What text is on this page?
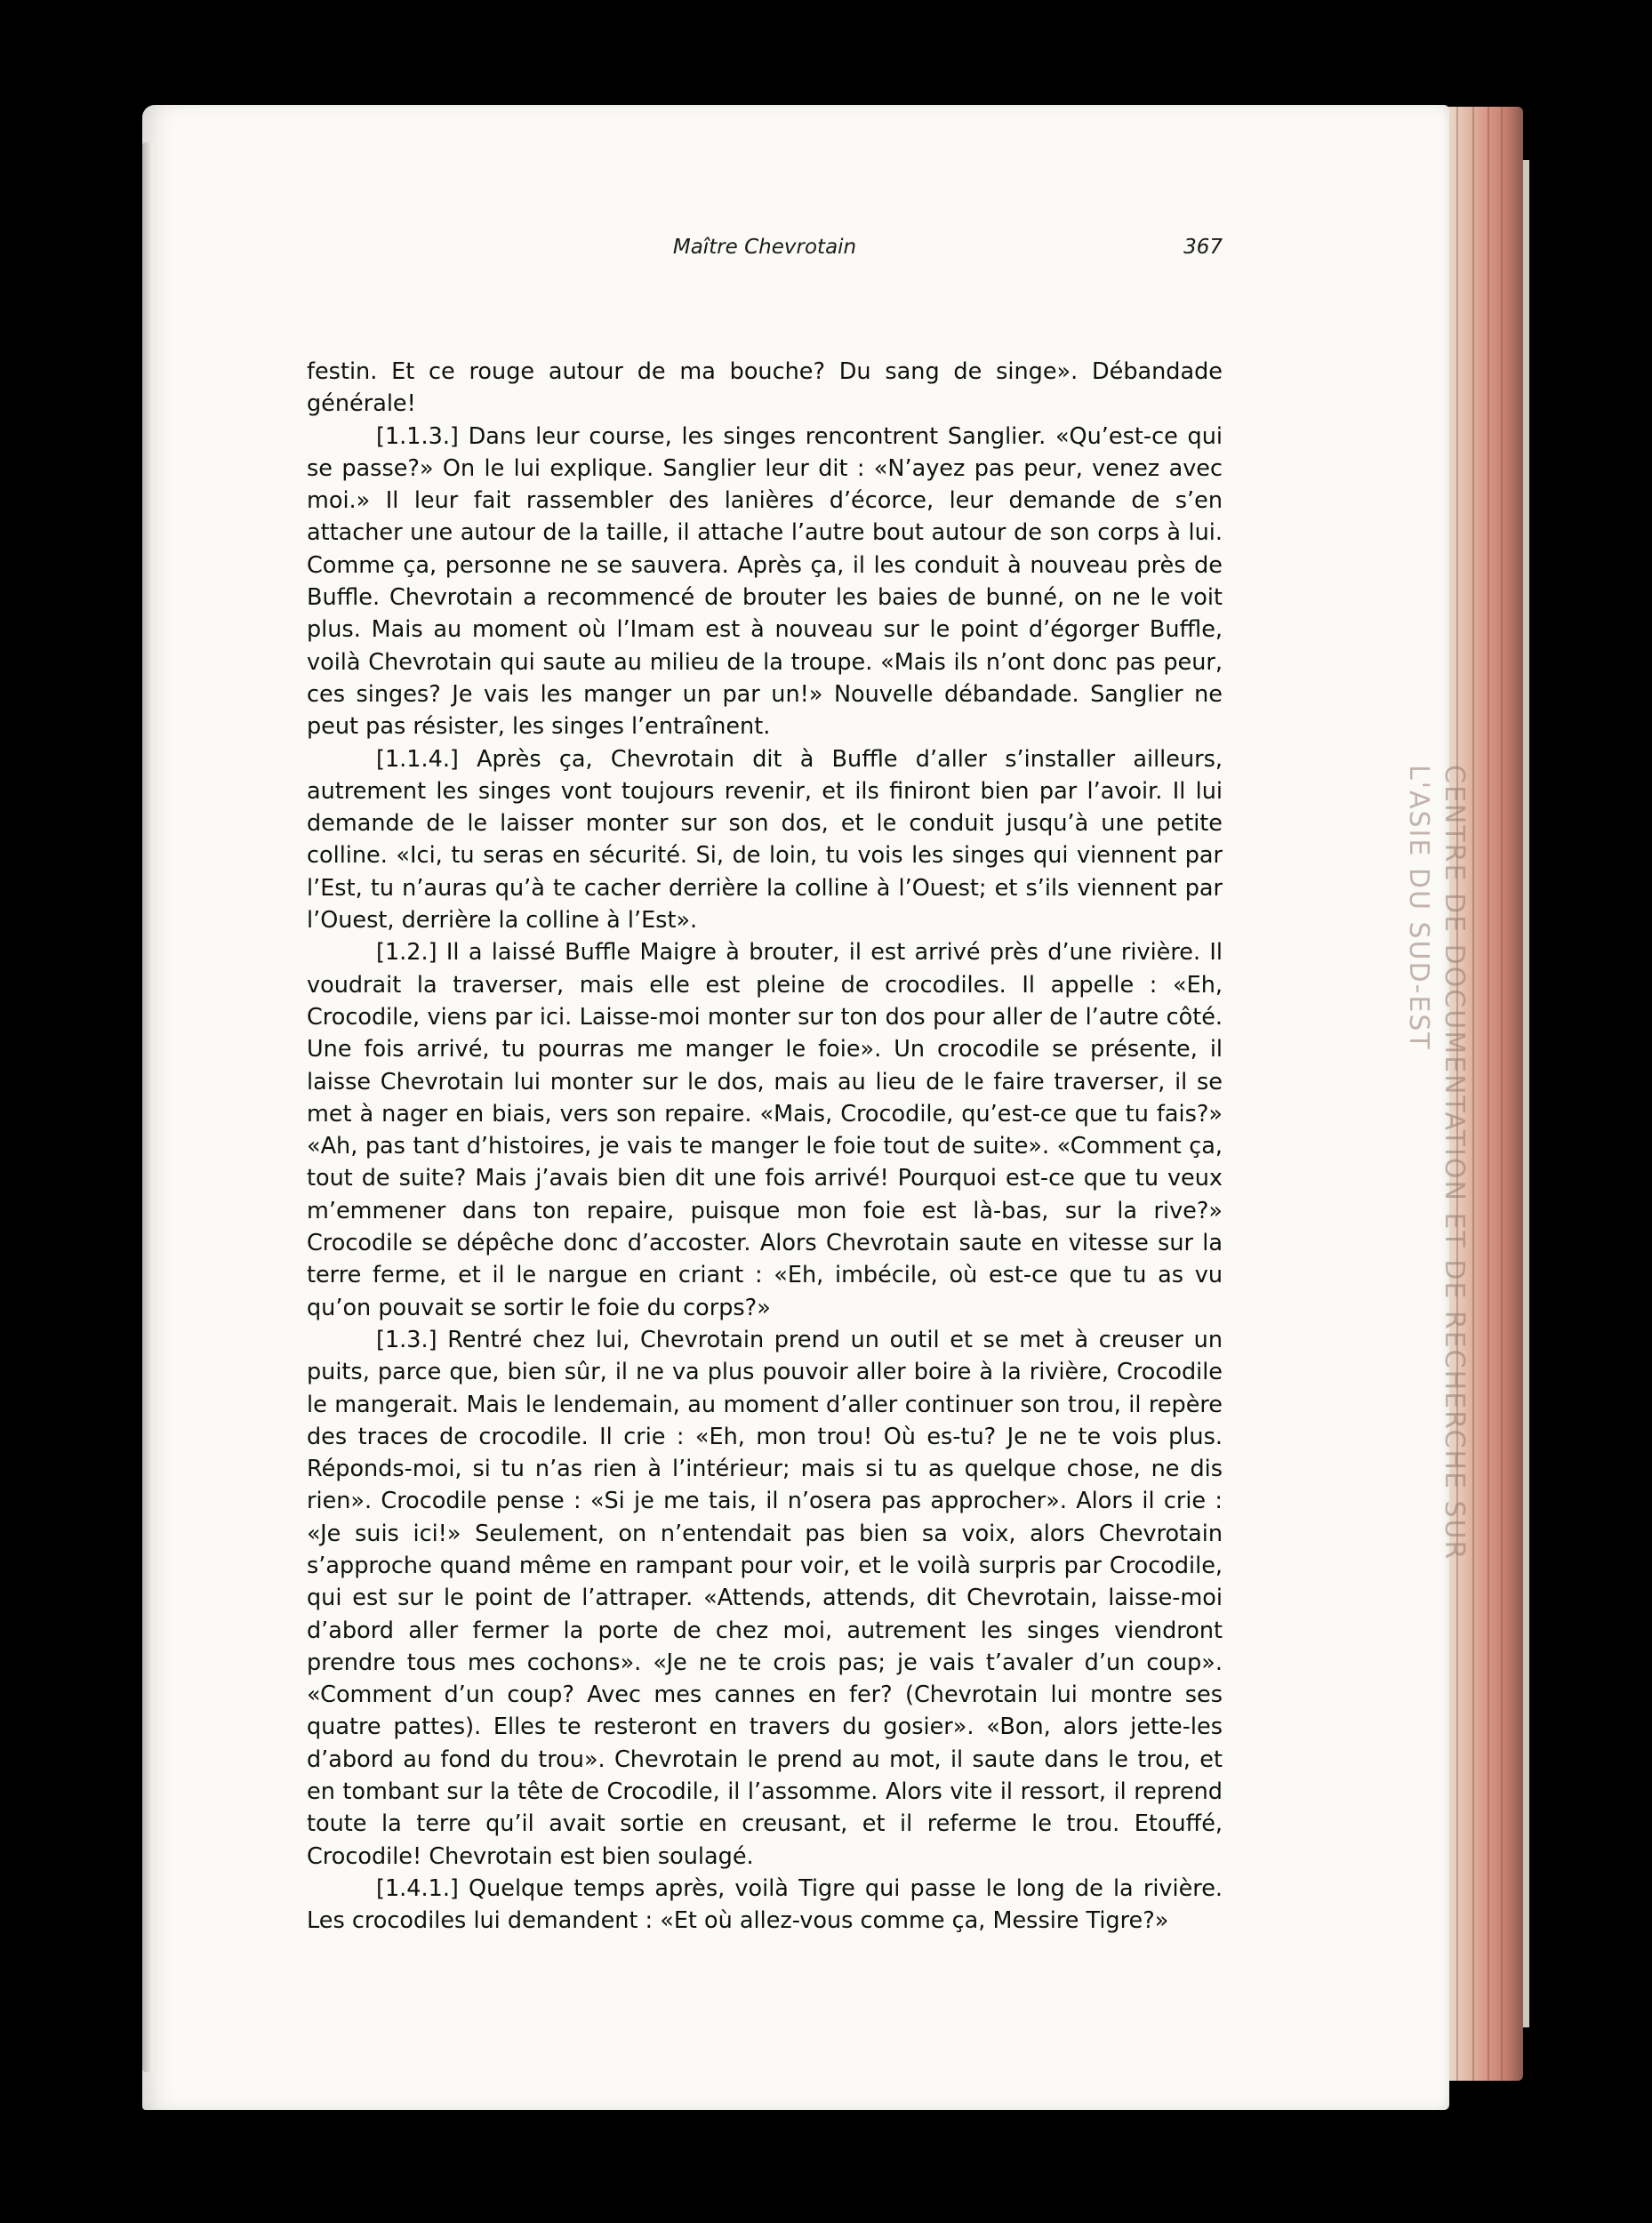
CENTRE DE DOCUMENTATION ET DE RECHERCHE SUR L'ASIE DU SUD-EST
Maître Chevrotain	367

festin. Et ce rouge autour de ma bouche? Du sang de singe». Débandade générale!

[1.1.3.] Dans leur course, les singes rencontrent Sanglier. «Qu’est-ce qui se passe?» On le lui explique. Sanglier leur dit : «N’ayez pas peur, venez avec moi.» Il leur fait rassembler des lanières d’écorce, leur demande de s’en attacher une autour de la taille, il attache l’autre bout autour de son corps à lui. Comme ça, personne ne se sauvera. Après ça, il les conduit à nouveau près de Buffle. Chevrotain a recommencé de brouter les baies de bunné, on ne le voit plus. Mais au moment où l’Imam est à nouveau sur le point d’égorger Buffle, voilà Chevrotain qui saute au milieu de la troupe. «Mais ils n’ont donc pas peur, ces singes? Je vais les manger un par un!» Nouvelle débandade. Sanglier ne peut pas résister, les singes l’entraînent.

[1.1.4.] Après ça, Chevrotain dit à Buffle d’aller s’installer ailleurs, autrement les singes vont toujours revenir, et ils finiront bien par l’avoir. Il lui demande de le laisser monter sur son dos, et le conduit jusqu’à une petite colline. «Ici, tu seras en sécurité. Si, de loin, tu vois les singes qui viennent par l’Est, tu n’auras qu’à te cacher derrière la colline à l’Ouest; et s’ils viennent par l’Ouest, derrière la colline à l’Est».

[1.2.] Il a laissé Buffle Maigre à brouter, il est arrivé près d’une rivière. Il voudrait la traverser, mais elle est pleine de crocodiles. Il appelle : «Eh, Crocodile, viens par ici. Laisse-moi monter sur ton dos pour aller de l’autre côté. Une fois arrivé, tu pourras me manger le foie». Un crocodile se présente, il laisse Chevrotain lui monter sur le dos, mais au lieu de le faire traverser, il se met à nager en biais, vers son repaire. «Mais, Crocodile, qu’est-ce que tu fais?» «Ah, pas tant d’histoires, je vais te manger le foie tout de suite». «Comment ça, tout de suite? Mais j’avais bien dit une fois arrivé! Pourquoi est-ce que tu veux m’emmener dans ton repaire, puisque mon foie est là-bas, sur la rive?» Crocodile se dépêche donc d’accoster. Alors Chevrotain saute en vitesse sur la terre ferme, et il le nargue en criant : «Eh, imbécile, où est-ce que tu as vu qu’on pouvait se sortir le foie du corps?»

[1.3.] Rentré chez lui, Chevrotain prend un outil et se met à creuser un puits, parce que, bien sûr, il ne va plus pouvoir aller boire à la rivière, Crocodile le mangerait. Mais le lendemain, au moment d’aller continuer son trou, il repère des traces de crocodile. Il crie : «Eh, mon trou! Où es-tu? Je ne te vois plus. Réponds-moi, si tu n’as rien à l’intérieur; mais si tu as quelque chose, ne dis rien». Crocodile pense : «Si je me tais, il n’osera pas approcher». Alors il crie : «Je suis ici!» Seulement, on n’entendait pas bien sa voix, alors Chevrotain s’approche quand même en rampant pour voir, et le voilà surpris par Crocodile, qui est sur le point de l’attraper. «Attends, attends, dit Chevrotain, laisse-moi d’abord aller fermer la porte de chez moi, autrement les singes viendront prendre tous mes cochons». «Je ne te crois pas; je vais t’avaler d’un coup». «Comment d’un coup? Avec mes cannes en fer? (Chevrotain lui montre ses quatre pattes). Elles te resteront en travers du gosier». «Bon, alors jette-les d’abord au fond du trou». Chevrotain le prend au mot, il saute dans le trou, et en tombant sur la tête de Crocodile, il l’assomme. Alors vite il ressort, il reprend toute la terre qu’il avait sortie en creusant, et il referme le trou. Etouffé, Crocodile! Chevrotain est bien soulagé.

[1.4.1.] Quelque temps après, voilà Tigre qui passe le long de la rivière. Les crocodiles lui demandent : «Et où allez-vous comme ça, Messire Tigre?»
